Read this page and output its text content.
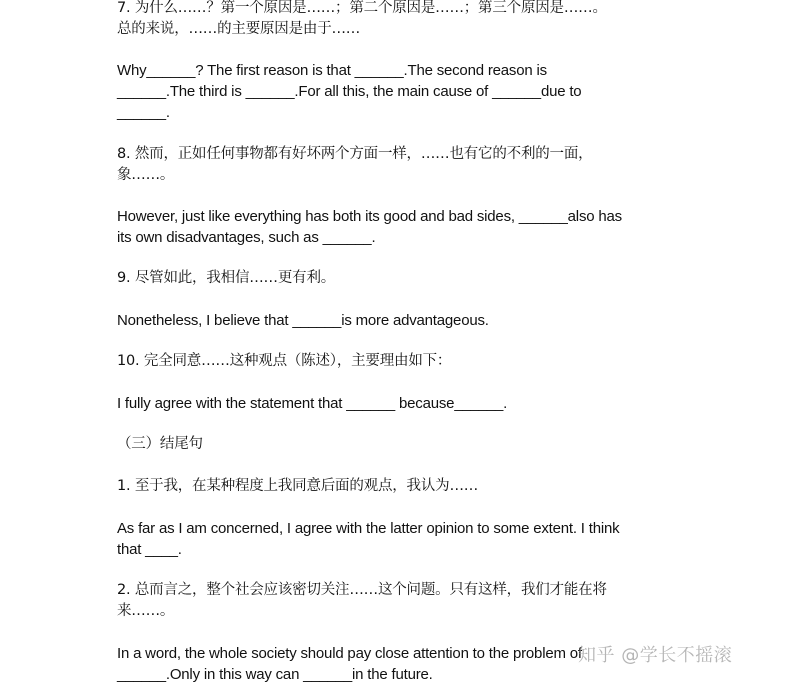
7. 为什么……？第一个原因是……；第二个原因是……；第三个原因是……。
总的来说，……的主要原因是由于……
Why______? The first reason is that ______.The second reason is
______.The third is ______.For all this, the main cause of ______due to
______.
8. 然而，正如任何事物都有好坏两个方面一样，……也有它的不利的一面，
象……。
However, just like everything has both its good and bad sides, ______also has
its own disadvantages, such as ______.
9. 尽管如此，我相信……更有利。
Nonetheless, I believe that ______is more advantageous.
10. 完全同意……这种观点（陈述），主要理由如下：
I fully agree with the statement that ______ because______.
（三）结尾句
1. 至于我，在某种程度上我同意后面的观点，我认为……
As far as I am concerned, I agree with the latter opinion to some extent. I think
that ____.
2. 总而言之，整个社会应该密切关注……这个问题。只有这样，我们才能在将
来……。
In a word, the whole society should pay close attention to the problem of
______.Only in this way can ______in the future.
知乎 @学长不摇滚
